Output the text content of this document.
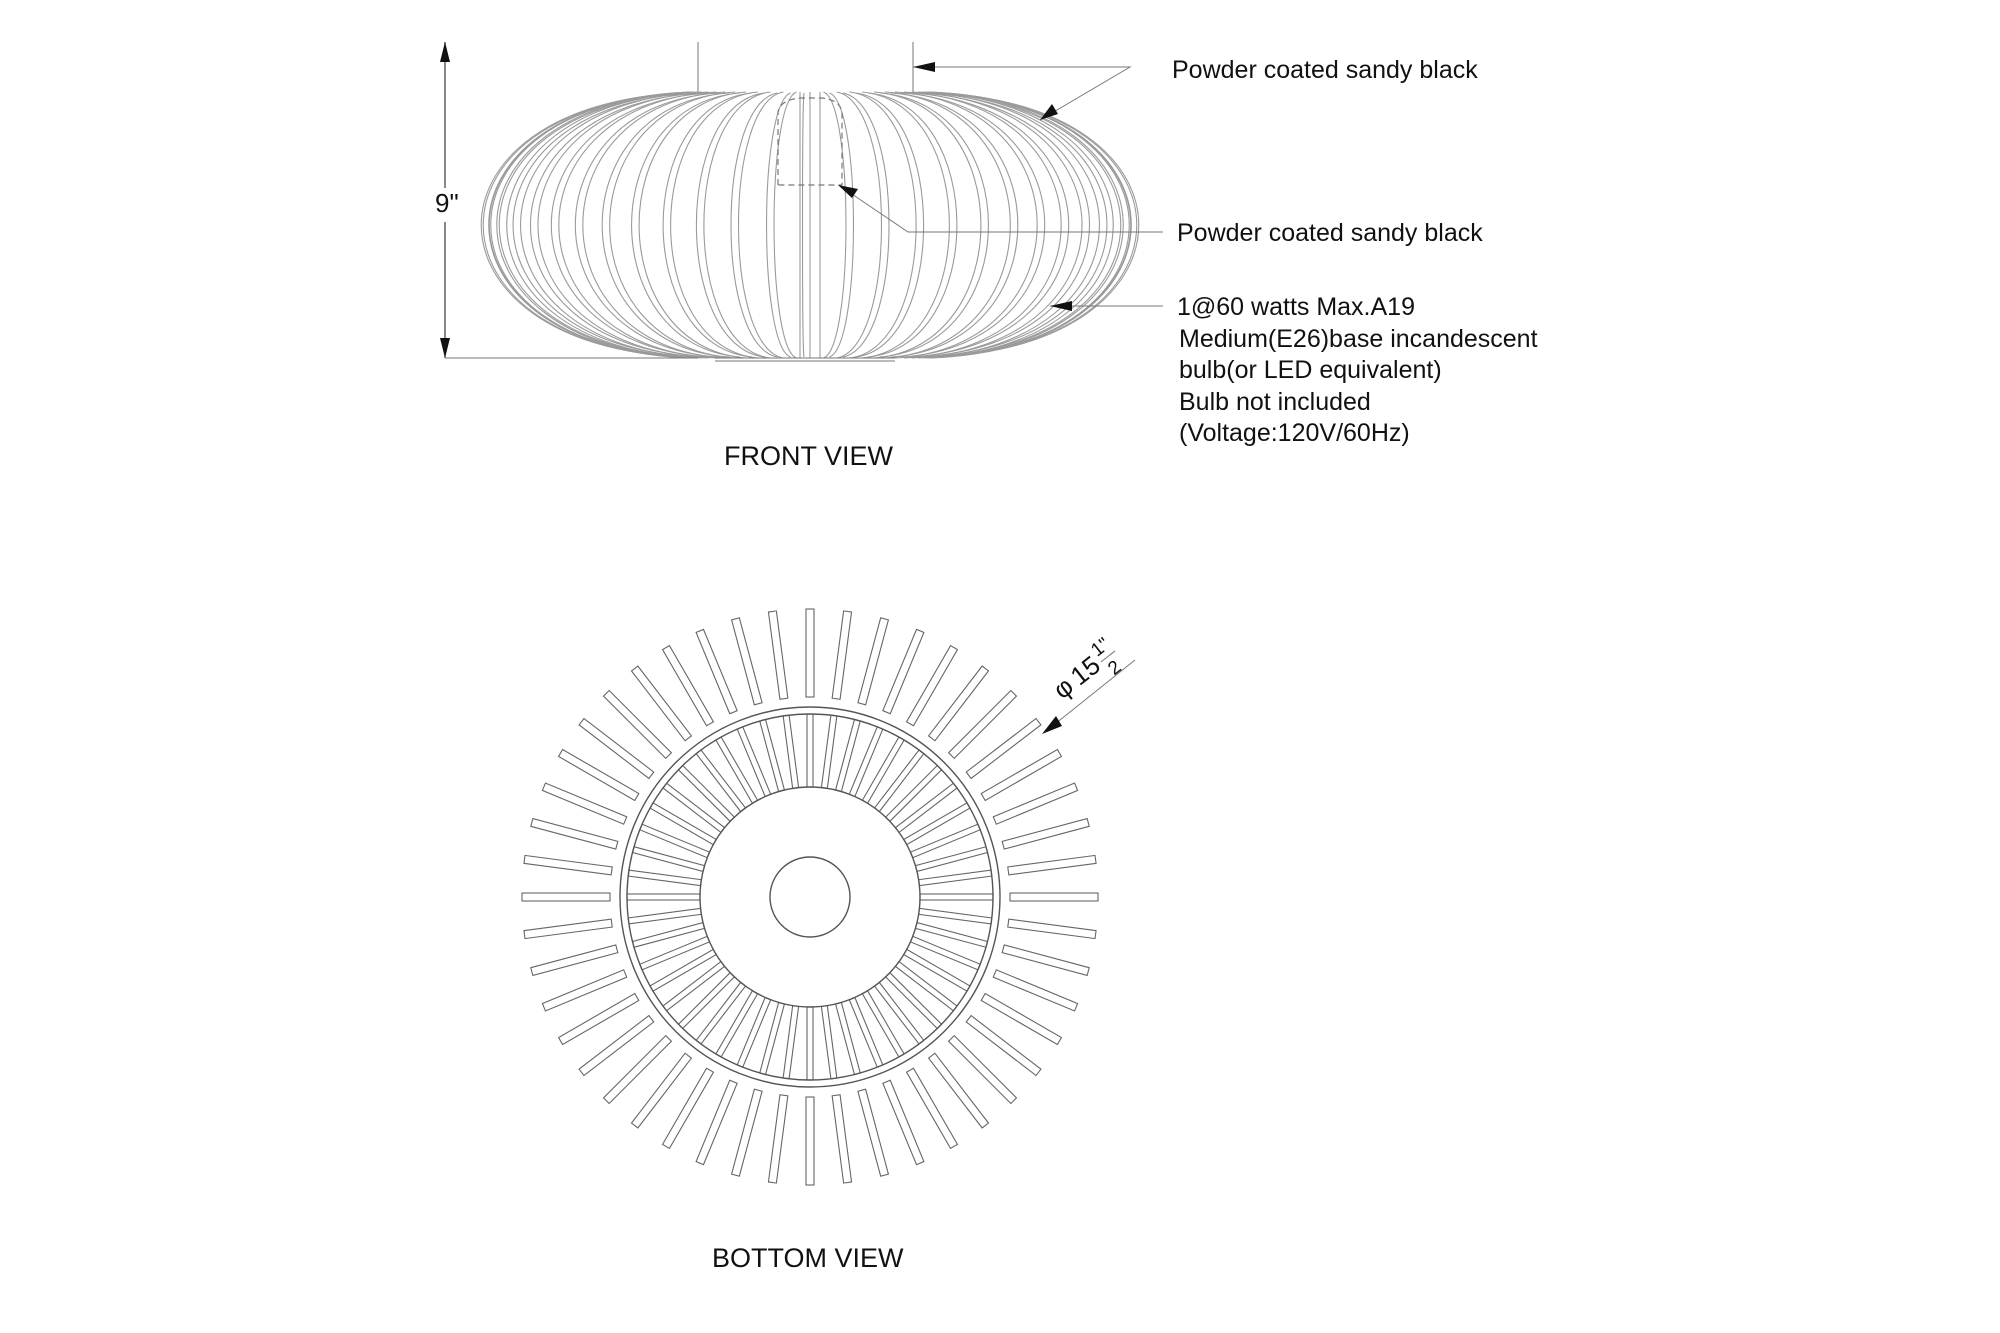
9"
Powder coated sandy black
Powder coated sandy black
1@60 watts Max.A19
Medium(E26)base incandescent
bulb(or LED equivalent)
Bulb not included
(Voltage:120V/60Hz)
FRONT VIEW
φ
15
1"
2
BOTTOM VIEW
